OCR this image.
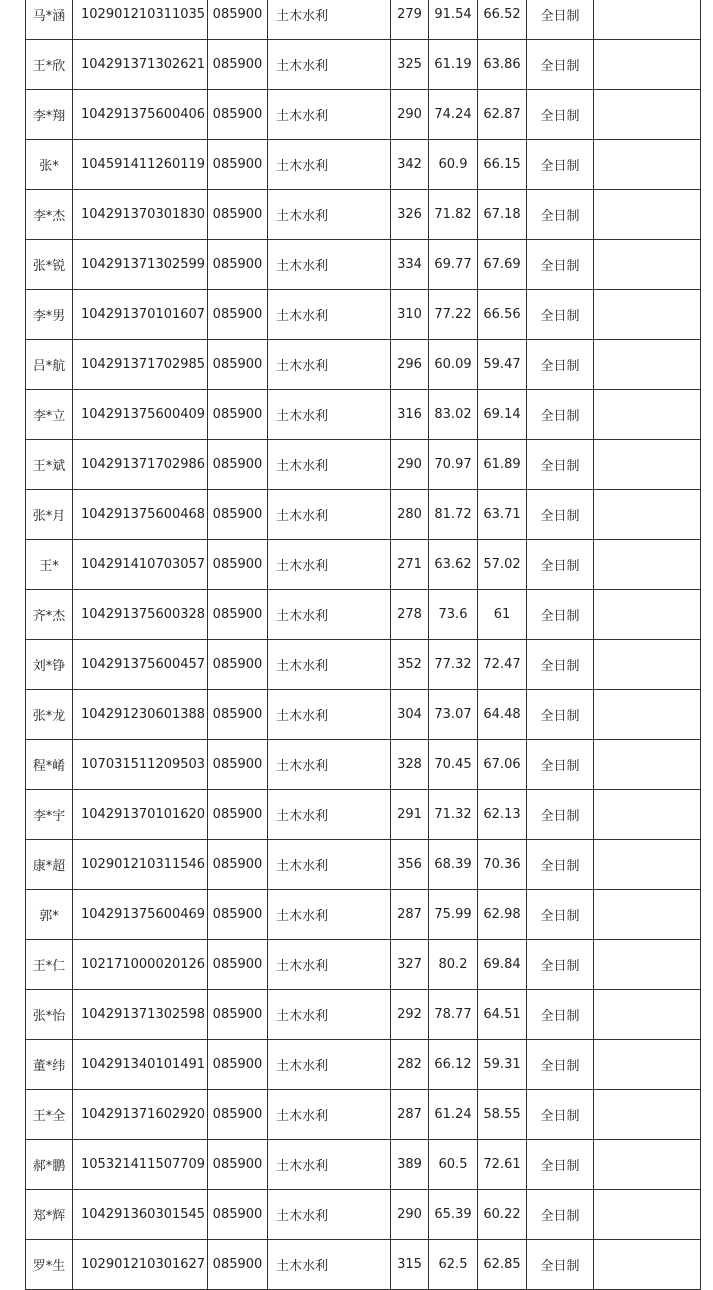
马*涵	102901210311035	085900	土木水利	279	91.54	66.52	全日制	
王*欣	104291371302621	085900	土木水利	325	61.19	63.86	全日制	
李*翔	104291375600406	085900	土木水利	290	74.24	62.87	全日制	
张*	104591411260119	085900	土木水利	342	60.9	66.15	全日制	
李*杰	104291370301830	085900	土木水利	326	71.82	67.18	全日制	
张*锐	104291371302599	085900	土木水利	334	69.77	67.69	全日制	
李*男	104291370101607	085900	土木水利	310	77.22	66.56	全日制	
吕*航	104291371702985	085900	土木水利	296	60.09	59.47	全日制	
李*立	104291375600409	085900	土木水利	316	83.02	69.14	全日制	
王*斌	104291371702986	085900	土木水利	290	70.97	61.89	全日制	
张*月	104291375600468	085900	土木水利	280	81.72	63.71	全日制	
王*	104291410703057	085900	土木水利	271	63.62	57.02	全日制	
齐*杰	104291375600328	085900	土木水利	278	73.6	61	全日制	
刘*铮	104291375600457	085900	土木水利	352	77.32	72.47	全日制	
张*龙	104291230601388	085900	土木水利	304	73.07	64.48	全日制	
程*崤	107031511209503	085900	土木水利	328	70.45	67.06	全日制	
李*宇	104291370101620	085900	土木水利	291	71.32	62.13	全日制	
康*超	102901210311546	085900	土木水利	356	68.39	70.36	全日制	
郭*	104291375600469	085900	土木水利	287	75.99	62.98	全日制	
王*仁	102171000020126	085900	土木水利	327	80.2	69.84	全日制	
张*怡	104291371302598	085900	土木水利	292	78.77	64.51	全日制	
董*纬	104291340101491	085900	土木水利	282	66.12	59.31	全日制	
王*全	104291371602920	085900	土木水利	287	61.24	58.55	全日制	
郝*鹏	105321411507709	085900	土木水利	389	60.5	72.61	全日制	
郑*辉	104291360301545	085900	土木水利	290	65.39	60.22	全日制	
罗*生	102901210301627	085900	土木水利	315	62.5	62.85	全日制	
